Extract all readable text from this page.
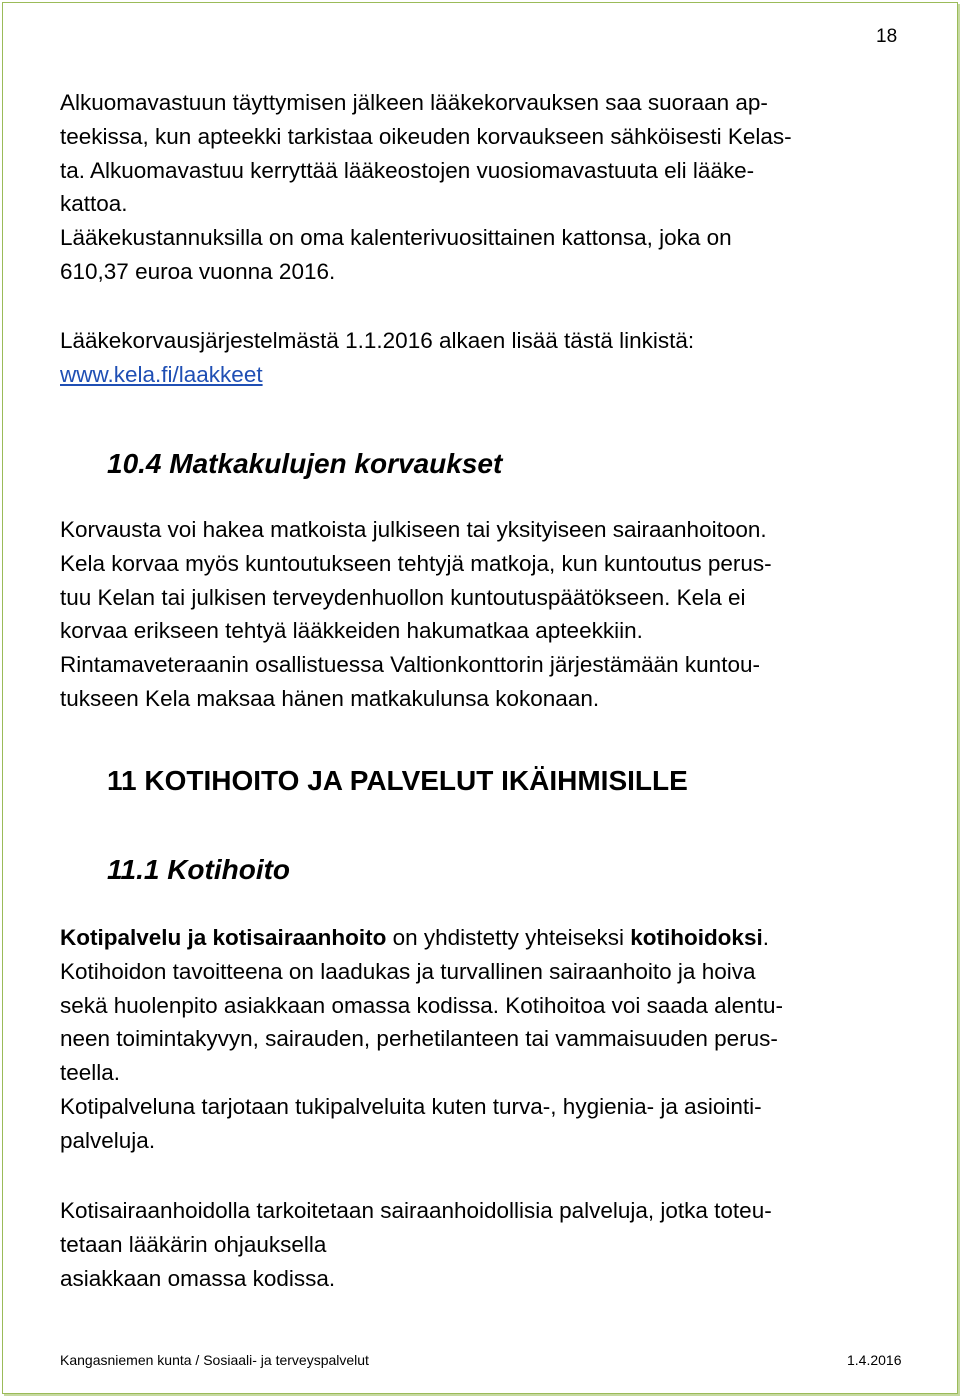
18
Alkuomavastuun täyttymisen jälkeen lääkekorvauksen saa suoraan ap-
teekissa, kun apteekki tarkistaa oikeuden korvaukseen sähköisesti Kelas-
ta. Alkuomavastuu kerryttää lääkeostojen vuosiomavastuuta eli lääke-
kattoa.
Lääkekustannuksilla on oma kalenterivuosittainen kattonsa, joka on
610,37 euroa vuonna 2016.
Lääkekorvausjärjestelmästä 1.1.2016 alkaen lisää tästä linkistä:
www.kela.fi/laakkeet
10.4 Matkakulujen korvaukset
Korvausta voi hakea matkoista julkiseen tai yksityiseen sairaanhoitoon.
Kela korvaa myös kuntoutukseen tehtyjä matkoja, kun kuntoutus perus-
tuu Kelan tai julkisen terveydenhuollon kuntoutuspäätökseen. Kela ei
korvaa erikseen tehtyä lääkkeiden hakumatkaa apteekkiin.
Rintamaveteraanin osallistuessa Valtionkonttorin järjestämään kuntou-
tukseen Kela maksaa hänen matkakulunsa kokonaan.
11 KOTIHOITO JA PALVELUT IKÄIHMISILLE
11.1 Kotihoito
Kotipalvelu ja kotisairaanhoito on yhdistetty yhteiseksi kotihoidoksi.
Kotihoidon tavoitteena on laadukas ja turvallinen sairaanhoito ja hoiva
sekä huolenpito asiakkaan omassa kodissa. Kotihoitoa voi saada alentu-
neen toimintakyvyn, sairauden, perhetilanteen tai vammaisuuden perus-
teella.
Kotipalveluna tarjotaan tukipalveluita kuten turva-, hygienia- ja asiointi-
palveluja.
Kotisairaanhoidolla tarkoitetaan sairaanhoidollisia palveluja, jotka toteu-
tetaan lääkärin ohjauksella
asiakkaan omassa kodissa.
Kangasniemen kunta / Sosiaali- ja terveyspalvelut	1.4.2016
